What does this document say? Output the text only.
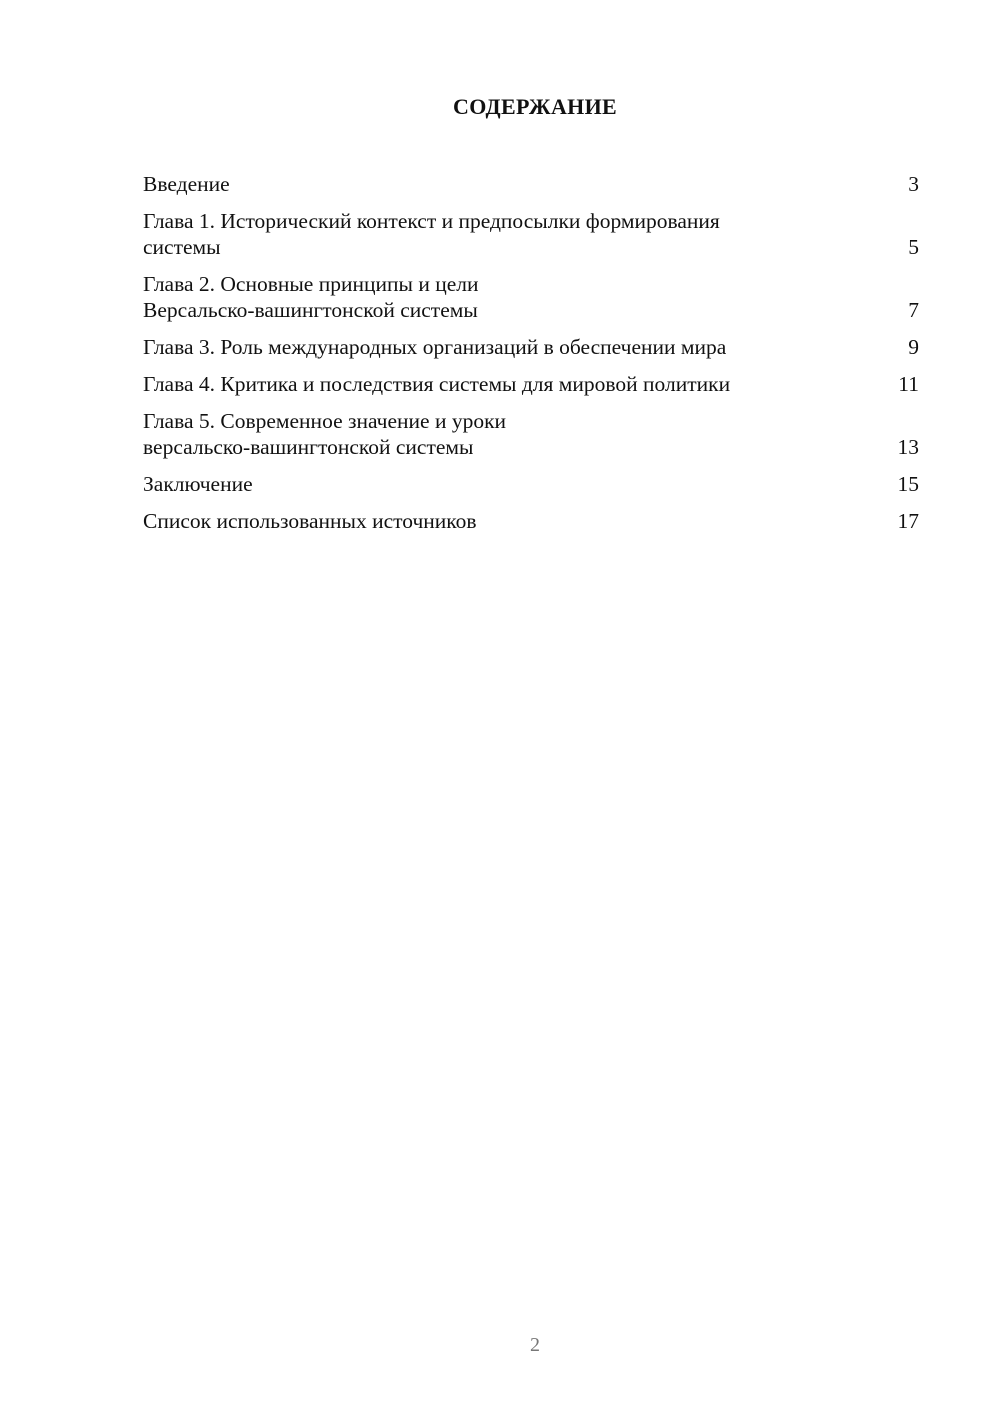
СОДЕРЖАНИЕ
Введение	3
Глава 1. Исторический контекст и предпосылки формирования
системы	5
Глава 2. Основные принципы и цели
Версальско-вашингтонской системы	7
Глава 3. Роль международных организаций в обеспечении мира	9
Глава 4. Критика и последствия системы для мировой политики	11
Глава 5. Современное значение и уроки
версальско-вашингтонской системы	13
Заключение	15
Список использованных источников	17
2
